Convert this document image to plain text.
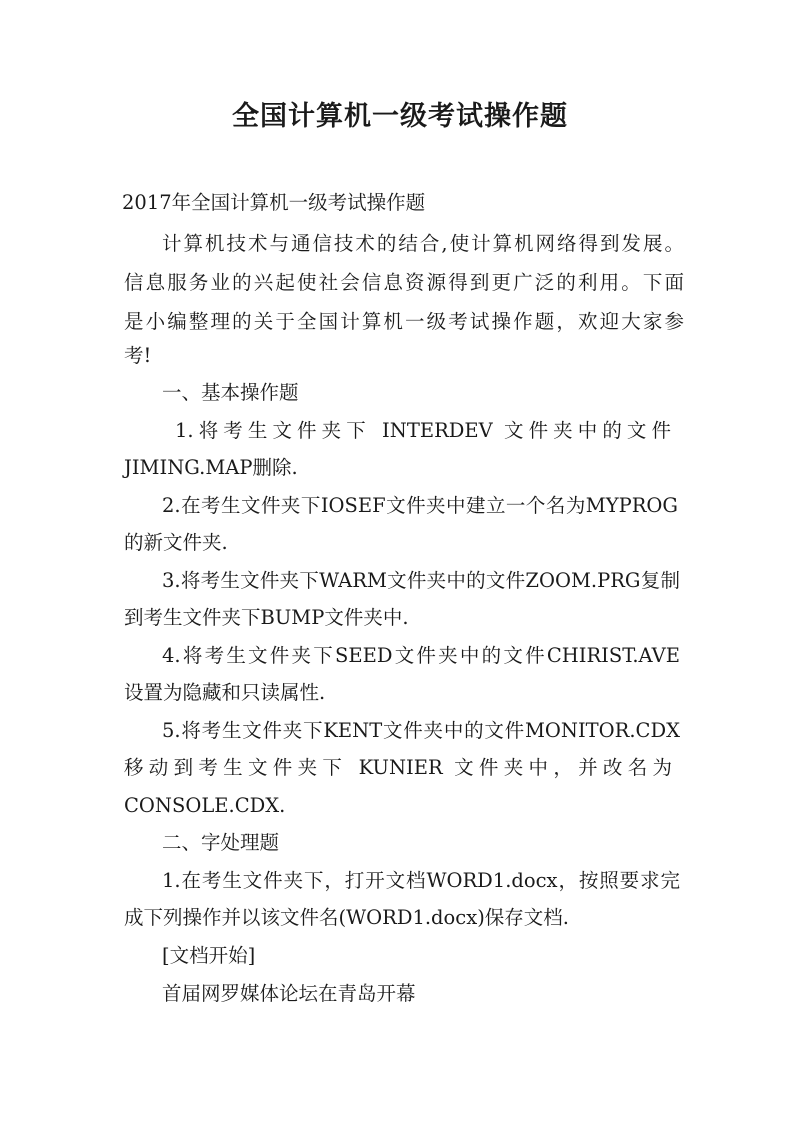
全国计算机一级考试操作题
2017年全国计算机一级考试操作题
计算机技术与通信技术的结合,使计算机网络得到发展。
信息服务业的兴起使社会信息资源得到更广泛的利用。下面
是小编整理的关于全国计算机一级考试操作题，欢迎大家参
考!
一、基本操作题
1.将考生文件夹下 INTERDEV 文件夹中的文件
JIMING.MAP删除.
2.在考生文件夹下IOSEF文件夹中建立一个名为MYPROG
的新文件夹.
3.将考生文件夹下WARM文件夹中的文件ZOOM.PRG复制
到考生文件夹下BUMP文件夹中.
4.将考生文件夹下SEED文件夹中的文件CHIRIST.AVE
设置为隐藏和只读属性.
5.将考生文件夹下KENT文件夹中的文件MONITOR.CDX
移动到考生文件夹下 KUNIER 文件夹中，并改名为
CONSOLE.CDX.
二、字处理题
1.在考生文件夹下，打开文档WORD1.docx，按照要求完
成下列操作并以该文件名(WORD1.docx)保存文档.
[文档开始]
首届网罗媒体论坛在青岛开幕
